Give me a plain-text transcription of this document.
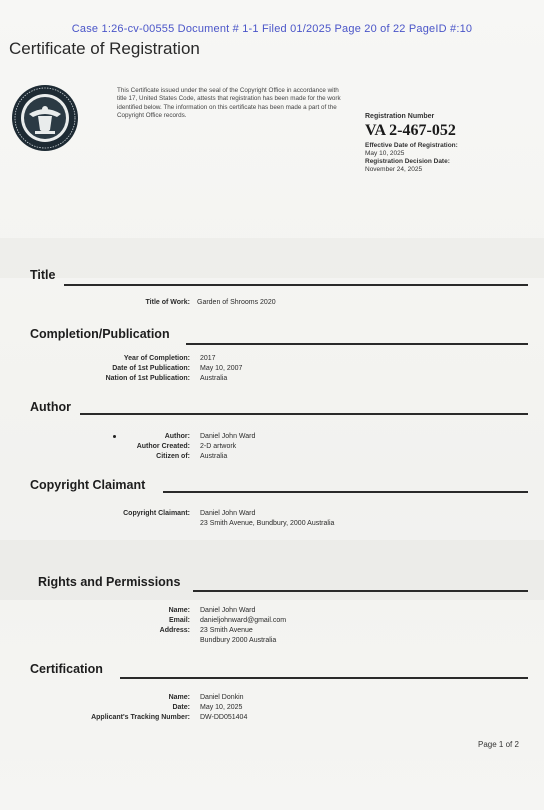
Case 1:26-cv-00555 Document # 1-1 Filed 01/2025 Page 20 of 22 PageID #:10
Certificate of Registration
This Certificate issued under the seal of the Copyright Office in accordance with title 17, United States Code, attests that registration has been made for the work identified below. The information on this certificate has been made a part of the Copyright Office records.	Registration Number
VA 2-467-052
Effective Date of Registration:
May 10, 2025
Registration Decision Date:
November 24, 2025
Title
Title of Work: Garden of Shrooms 2020
Completion/Publication
Year of Completion: 2017
Date of 1st Publication: May 10, 2007
Nation of 1st Publication: Australia
Author
Author: Daniel John Ward
Author Created: 2-D artwork
Citizen of: Australia
Copyright Claimant
Copyright Claimant: Daniel John Ward
23 Smith Avenue, Bundbury, 2000 Australia
Rights and Permissions
Name: Daniel John Ward
Email: danieljohnward@gmail.com
Address: 23 Smith Avenue
Bundbury 2000 Australia
Certification
Name: Daniel Donkin
Date: May 10, 2025
Applicant's Tracking Number: DW-DD051404
Page 1 of 2
